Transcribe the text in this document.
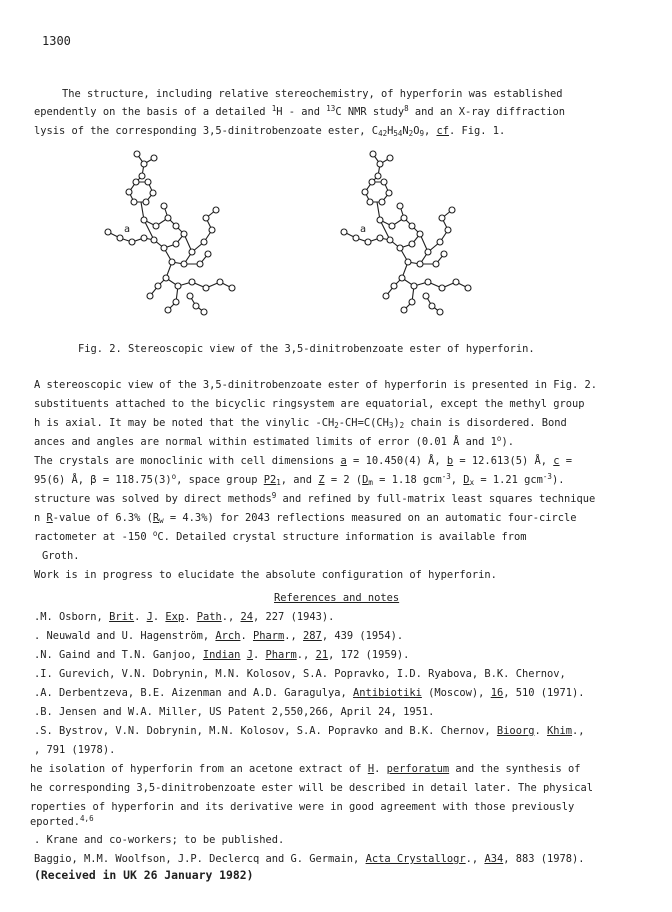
1300
The structure, including relative stereochemistry, of hyperforin was established
ependently on the basis of a detailed $^1$H - and $^{13}$C NMR study$^8$ and an X-ray diffraction
lysis of the corresponding 3,5-dinitrobenzoate ester, $C_{42}H_{54}N_2O_9$, cf. Fig. 1.
a	a
Fig. 2. Stereoscopic view of the 3,5-dinitrobenzoate ester of hyperforin.
A stereoscopic view of the 3,5-dinitrobenzoate ester of hyperforin is presented in Fig. 2.
substituents attached to the bicyclic ringsystem are equatorial, except the methyl group
h is axial. It may be noted that the vinylic $-CH_2-CH=C(CH_3)_2$ chain is disordered. Bond
ances and angles are normal within estimated limits of error (0.01 Å and 1$^o$).
The crystals are monoclinic with cell dimensions a = 10.450(4) Å, b = 12.613(5) Å, c =
95(6) Å, $\beta = 118.75(3)^o$, space group $P2_1$, and Z = 2 ($D_m = 1.18$ gcm$^{-3}$, $D_x = 1.21$ gcm$^{-3}$).
structure was solved by direct methods$^9$ and refined by full-matrix least squares technique
n R-value of 6.3% $(R_w = 4.3\%)$ for 2043 reflections measured on an automatic four-circle
ractometer at -150 $^o$C. Detailed crystal structure information is available from
Groth.
Work is in progress to elucidate the absolute configuration of hyperforin.
References and notes
.M. Osborn, Brit. J. Exp. Path., 24, 227 (1943).
. Neuwald and U. Hagenström, Arch. Pharm., 287, 439 (1954).
.N. Gaind and T.N. Ganjoo, Indian J. Pharm., 21, 172 (1959).
.I. Gurevich, V.N. Dobrynin, M.N. Kolosov, S.A. Popravko, I.D. Ryabova, B.K. Chernov,
.A. Derbentzeva, B.E. Aizenman and A.D. Garagulya, Antibiotiki (Moscow), 16, 510 (1971).
.B. Jensen and W.A. Miller, US Patent 2,550,266, April 24, 1951.
.S. Bystrov, V.N. Dobrynin, M.N. Kolosov, S.A. Popravko and B.K. Chernov, Bioorg. Khim.,
, 791 (1978).
he isolation of hyperforin from an acetone extract of H. perforatum and the synthesis of
he corresponding 3,5-dinitrobenzoate ester will be described in detail later. The physical
roperties of hyperforin and its derivative were in good agreement with those previously
eported.$^{4,6}$
. Krane and co-workers; to be published.
Baggio, M.M. Woolfson, J.P. Declercq and G. Germain, Acta Crystallogr., A34, 883 (1978).
(Received in UK 26 January 1982)
